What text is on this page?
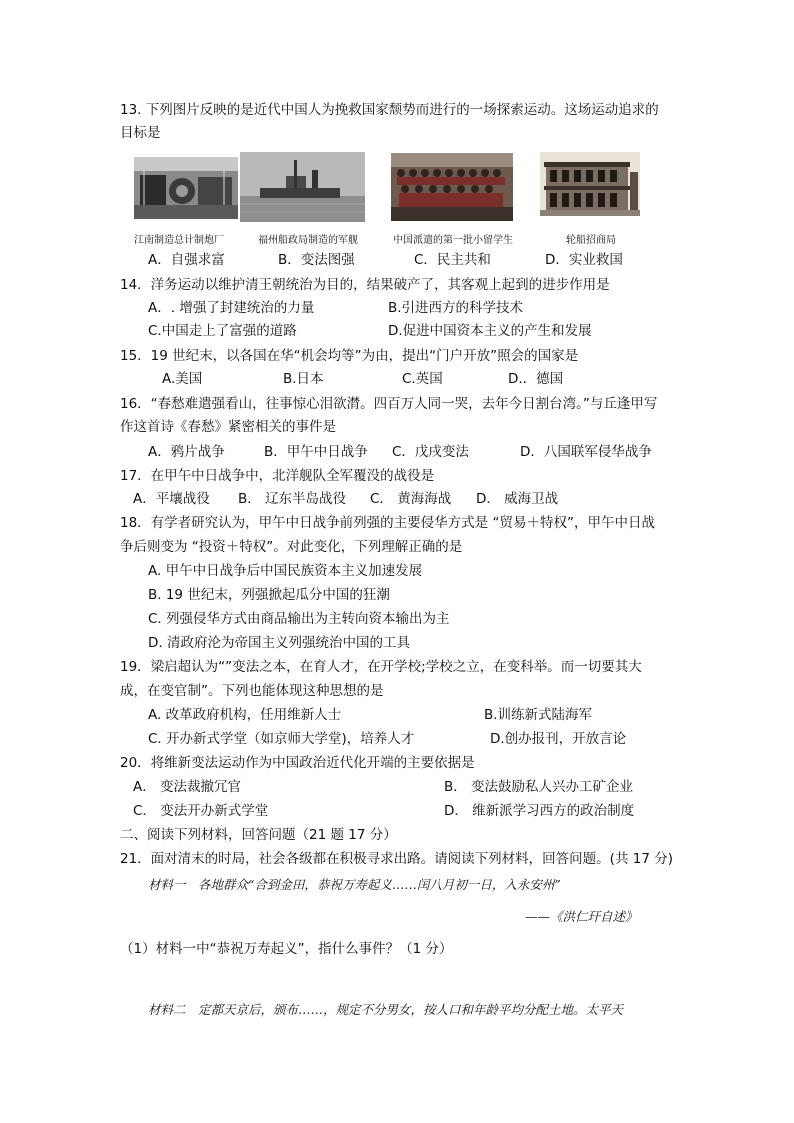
13. 下列图片反映的是近代中国人为挽救国家颓势而进行的一场探索运动。这场运动追求的
目标是
江南制造总计制炮厂	福州船政局制造的军舰	中国派遣的第一批小留学生	轮船招商局
A．自强求富	B．变法图强	C．民主共和	D．实业救国
14．洋务运动以维护清王朝统治为目的，结果破产了，其客观上起到的进步作用是
A．. 增强了封建统治的力量	B.引进西方的科学技术
C.中国走上了富强的道路	D.促进中国资本主义的产生和发展
15．19 世纪末，以各国在华“机会均等”为由，提出“门户开放”照会的国家是
A.美国	B.日本	C.英国	D.．德国
16．“春愁难遣强看山，往事惊心泪欲潸。四百万人同一哭，去年今日割台湾。”与丘逢甲写
作这首诗《春愁》紧密相关的事件是
A．鸦片战争	B．甲午中日战争 C．戊戌变法	D．八国联军侵华战争
17．在甲午中日战争中，北洋舰队全军覆没的战役是
A．平壤战役 B． 辽东半岛战役 C． 黄海海战 D． 威海卫战
18．有学者研究认为，甲午中日战争前列强的主要侵华方式是 “贸易＋特权”，甲午中日战
争后则变为 “投资＋特权”。对此变化，下列理解正确的是
A. 甲午中日战争后中国民族资本主义加速发展
B. 19 世纪末，列强掀起瓜分中国的狂潮
C. 列强侵华方式由商品输出为主转向资本输出为主
D. 清政府沦为帝国主义列强统治中国的工具
19．梁启超认为“”变法之本，在育人才，在开学校;学校之立，在变科举。而一切要其大
成，在变官制”。下列也能体现这种思想的是
A. 改革政府机构，任用维新人士	B.训练新式陆海军
C. 开办新式学堂（如京师大学堂)，培养人才	D.创办报刊，开放言论
20．将维新变法运动作为中国政治近代化开端的主要依据是
A． 变法裁撤冗官	B． 变法鼓励私人兴办工矿企业
C． 变法开办新式学堂	D． 维新派学习西方的政治制度
二、阅读下列材料，回答问题（21 题 17 分）
21．面对清末的时局，社会各级都在积极寻求出路。请阅读下列材料，回答问题。(共 17 分)
材料一　各地群众“合到金田，恭祝万寿起义……闰八月初一日，入永安州”
——《洪仁玕自述》
（1）材料一中“恭祝万寿起义”，指什么事件？（1 分）
材料二　定都天京后，颁布……，规定不分男女，按人口和年龄平均分配土地。太平天
